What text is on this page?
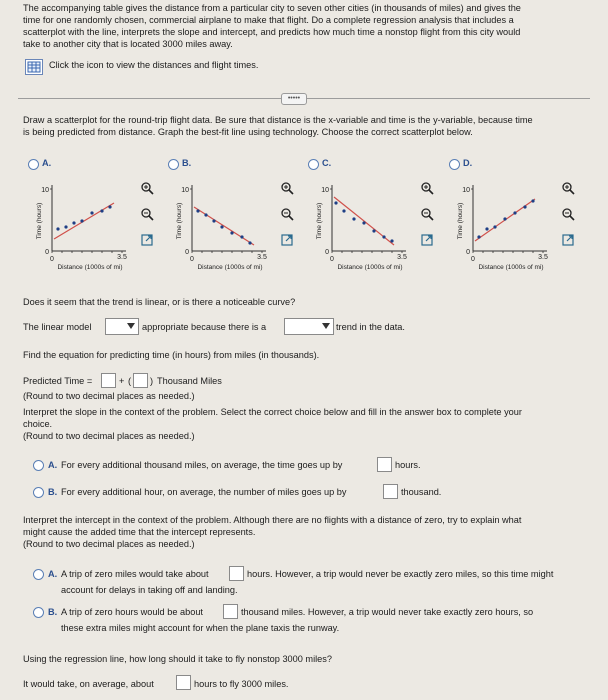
The accompanying table gives the distance from a particular city to seven other cities (in thousands of miles) and gives the
time for one randomly chosen, commercial airplane to make that flight. Do a complete regression analysis that includes a
scatterplot with the line, interprets the slope and intercept, and predicts how much time a nonstop flight from this city would
take to another city that is located 3000 miles away.
Click the icon to view the distances and flight times.
•••••
Draw a scatterplot for the round-trip flight data. Be sure that distance is the x-variable and time is the y-variable, because time
is being predicted from distance. Graph the best-fit line using technology. Choose the correct scatterplot below.
A.
10
0
0	3.5
Distance (1000s of mi)
Time (hours)
B.
10
0
0	3.5
Distance (1000s of mi)
Time (hours)
C.
10
0
0	3.5
Distance (1000s of mi)
Time (hours)
D.
10
0
0	3.5
Distance (1000s of mi)
Time (hours)
Does it seem that the trend is linear, or is there a noticeable curve?
The linear model	appropriate because there is a	trend in the data.
Find the equation for predicting time (in hours) from miles (in thousands).
Predicted Time =	+ ( ) Thousand Miles
(Round to two decimal places as needed.)
Interpret the slope in the context of the problem. Select the correct choice below and fill in the answer box to complete your
choice.
(Round to two decimal places as needed.)
A. For every additional thousand miles, on average, the time goes up by	hours.
B. For every additional hour, on average, the number of miles goes up by	thousand.
Interpret the intercept in the context of the problem. Although there are no flights with a distance of zero, try to explain what
might cause the added time that the intercept represents.
(Round to two decimal places as needed.)
A. A trip of zero miles would take about	hours. However, a trip would never be exactly zero miles, so this time might
account for delays in taking off and landing.
B. A trip of zero hours would be about	thousand miles. However, a trip would never take exactly zero hours, so
these extra miles might account for when the plane taxis the runway.
Using the regression line, how long should it take to fly nonstop 3000 miles?
It would take, on average, about	hours to fly 3000 miles.
